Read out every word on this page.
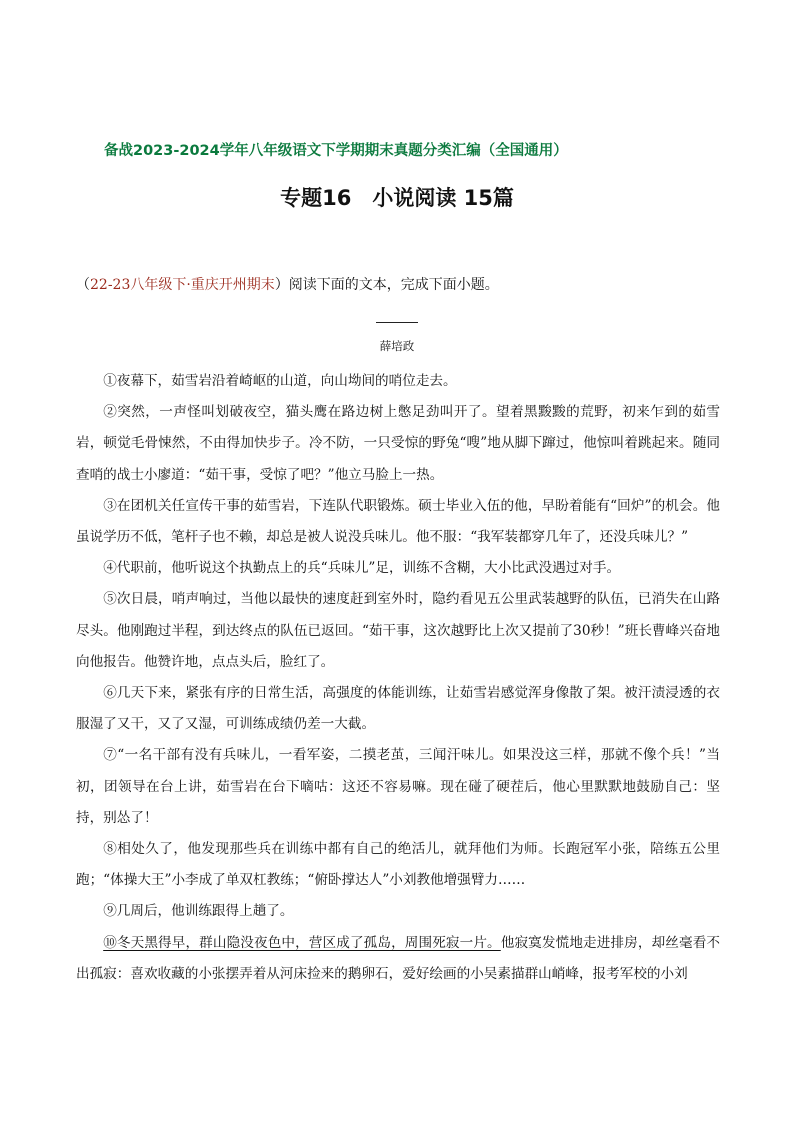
备战2023-2024学年八年级语文下学期期末真题分类汇编（全国通用）
专题16　小说阅读 15篇
（22-23八年级下·重庆开州期末）阅读下面的文本，完成下面小题。
薛培政

①夜幕下，茹雪岩沿着崎岖的山道，向山坳间的哨位走去。

②突然，一声怪叫划破夜空，猫头鹰在路边树上憋足劲叫开了。望着黑黢黢的荒野，初来乍到的茹雪岩，顿觉毛骨悚然，不由得加快步子。冷不防，一只受惊的野兔“嗖”地从脚下蹿过，他惊叫着跳起来。随同查哨的战士小廖道：“茹干事，受惊了吧？”他立马脸上一热。

③在团机关任宣传干事的茹雪岩，下连队代职锻炼。硕士毕业入伍的他，早盼着能有“回炉”的机会。他虽说学历不低，笔杆子也不赖，却总是被人说没兵味儿。他不服：“我军装都穿几年了，还没兵味儿？”

④代职前，他听说这个执勤点上的兵“兵味儿”足，训练不含糊，大小比武没遇过对手。

⑤次日晨，哨声响过，当他以最快的速度赶到室外时，隐约看见五公里武装越野的队伍，已消失在山路尽头。他刚跑过半程，到达终点的队伍已返回。“茹干事，这次越野比上次又提前了30秒！”班长曹峰兴奋地向他报告。他赞许地，点点头后，脸红了。

⑥几天下来，紧张有序的日常生活，高强度的体能训练，让茹雪岩感觉浑身像散了架。被汗渍浸透的衣服湿了又干，又了又湿，可训练成绩仍差一大截。

⑦“一名干部有没有兵味儿，一看军姿，二摸老茧，三闻汗味儿。如果没这三样，那就不像个兵！”当初，团领导在台上讲，茹雪岩在台下嘀咕：这还不容易嘛。现在碰了硬茬后，他心里默默地鼓励自己：坚持，别怂了！

⑧相处久了，他发现那些兵在训练中都有自己的绝活儿，就拜他们为师。长跑冠军小张，陪练五公里跑；“体操大王”小李成了单双杠教练；“俯卧撑达人”小刘教他增强臂力……

⑨几周后，他训练跟得上趟了。

⑩冬天黑得早，群山隐没夜色中，营区成了孤岛，周围死寂一片。他寂寞发慌地走进排房，却丝毫看不出孤寂：喜欢收藏的小张摆弄着从河床捡来的鹅卵石，爱好绘画的小吴素描群山峭峰，报考军校的小刘
